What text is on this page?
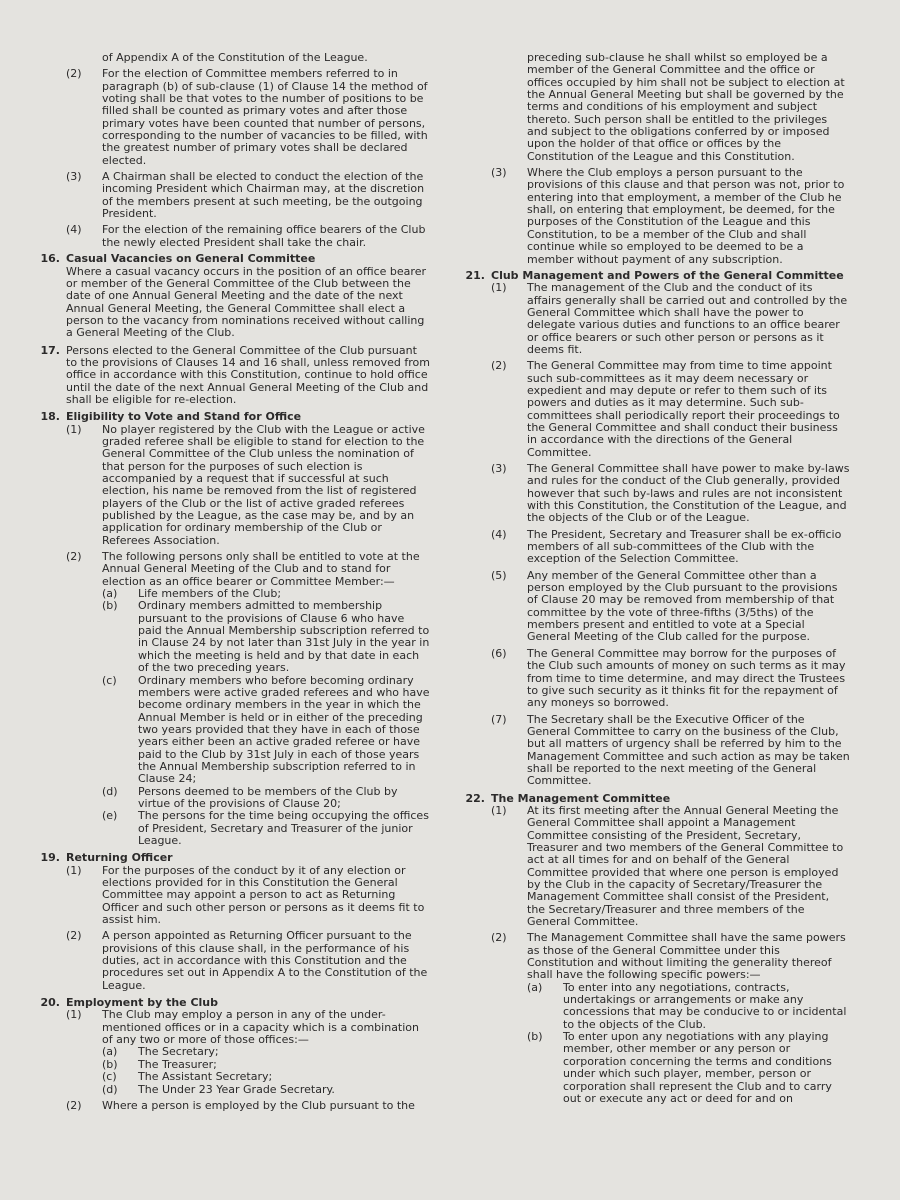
of Appendix A of the Constitution of the League.
(2)	For the election of Committee members referred to in paragraph (b) of sub-clause (1) of Clause 14 the method of voting shall be that votes to the number of positions to be filled shall be counted as primary votes and after those primary votes have been counted that number of persons, corresponding to the number of vacancies to be filled, with the greatest number of primary votes shall be declared elected.
(3)	A Chairman shall be elected to conduct the election of the incoming President which Chairman may, at the discretion of the members present at such meeting, be the outgoing President.
(4)	For the election of the remaining office bearers of the Club the newly elected President shall take the chair.
16. Casual Vacancies on General Committee
Where a casual vacancy occurs in the position of an office bearer or member of the General Committee of the Club between the date of one Annual General Meeting and the date of the next Annual General Meeting, the General Committee shall elect a person to the vacancy from nominations received without calling a General Meeting of the Club.
17. Persons elected to the General Committee of the Club pursuant to the provisions of Clauses 14 and 16 shall, unless removed from office in accordance with this Constitution, continue to hold office until the date of the next Annual General Meeting of the Club and shall be eligible for re-election.
18. Eligibility to Vote and Stand for Office
(1)	No player registered by the Club with the League or active graded referee shall be eligible to stand for election to the General Committee of the Club unless the nomination of that person for the purposes of such election is accompanied by a request that if successful at such election, his name be removed from the list of registered players of the Club or the list of active graded referees published by the League, as the case may be, and by an application for ordinary membership of the Club or Referees Association.
(2)	The following persons only shall be entitled to vote at the Annual General Meeting of the Club and to stand for election as an office bearer or Committee Member:—
(a)	Life members of the Club;
(b)	Ordinary members admitted to membership pursuant to the provisions of Clause 6 who have paid the Annual Membership subscription referred to in Clause 24 by not later than 31st July in the year in which the meeting is held and by that date in each of the two preceding years.
(c)	Ordinary members who before becoming ordinary members were active graded referees and who have become ordinary members in the year in which the Annual Member is held or in either of the preceding two years provided that they have in each of those years either been an active graded referee or have paid to the Club by 31st July in each of those years the Annual Membership subscription referred to in Clause 24;
(d)	Persons deemed to be members of the Club by virtue of the provisions of Clause 20;
(e)	The persons for the time being occupying the offices of President, Secretary and Treasurer of the junior League.
19. Returning Officer
(1)	For the purposes of the conduct by it of any election or elections provided for in this Constitution the General Committee may appoint a person to act as Returning Officer and such other person or persons as it deems fit to assist him.
(2)	A person appointed as Returning Officer pursuant to the provisions of this clause shall, in the performance of his duties, act in accordance with this Constitution and the procedures set out in Appendix A to the Constitution of the League.
20. Employment by the Club
(1)	The Club may employ a person in any of the under-mentioned offices or in a capacity which is a combination of any two or more of those offices:—
(a)	The Secretary;
(b)	The Treasurer;
(c)	The Assistant Secretary;
(d)	The Under 23 Year Grade Secretary.
(2)	Where a person is employed by the Club pursuant to the
preceding sub-clause he shall whilst so employed be a member of the General Committee and the office or offices occupied by him shall not be subject to election at the Annual General Meeting but shall be governed by the terms and conditions of his employment and subject thereto. Such person shall be entitled to the privileges and subject to the obligations conferred by or imposed upon the holder of that office or offices by the Constitution of the League and this Constitution.
(3)	Where the Club employs a person pursuant to the provisions of this clause and that person was not, prior to entering into that employment, a member of the Club he shall, on entering that employment, be deemed, for the purposes of the Constitution of the League and this Constitution, to be a member of the Club and shall continue while so employed to be deemed to be a member without payment of any subscription.
21. Club Management and Powers of the General Committee
(1)	The management of the Club and the conduct of its affairs generally shall be carried out and controlled by the General Committee which shall have the power to delegate various duties and functions to an office bearer or office bearers or such other person or persons as it deems fit.
(2)	The General Committee may from time to time appoint such sub-committees as it may deem necessary or expedient and may depute or refer to them such of its powers and duties as it may determine. Such sub-committees shall periodically report their proceedings to the General Committee and shall conduct their business in accordance with the directions of the General Committee.
(3)	The General Committee shall have power to make by-laws and rules for the conduct of the Club generally, provided however that such by-laws and rules are not inconsistent with this Constitution, the Constitution of the League, and the objects of the Club or of the League.
(4)	The President, Secretary and Treasurer shall be ex-officio members of all sub-committees of the Club with the exception of the Selection Committee.
(5)	Any member of the General Committee other than a person employed by the Club pursuant to the provisions of Clause 20 may be removed from membership of that committee by the vote of three-fifths (3/5ths) of the members present and entitled to vote at a Special General Meeting of the Club called for the purpose.
(6)	The General Committee may borrow for the purposes of the Club such amounts of money on such terms as it may from time to time determine, and may direct the Trustees to give such security as it thinks fit for the repayment of any moneys so borrowed.
(7)	The Secretary shall be the Executive Officer of the General Committee to carry on the business of the Club, but all matters of urgency shall be referred by him to the Management Committee and such action as may be taken shall be reported to the next meeting of the General Committee.
22. The Management Committee
(1)	At its first meeting after the Annual General Meeting the General Committee shall appoint a Management Committee consisting of the President, Secretary, Treasurer and two members of the General Committee to act at all times for and on behalf of the General Committee provided that where one person is employed by the Club in the capacity of Secretary/Treasurer the Management Committee shall consist of the President, the Secretary/Treasurer and three members of the General Committee.
(2)	The Management Committee shall have the same powers as those of the General Committee under this Constitution and without limiting the generality thereof shall have the following specific powers:—
(a)	To enter into any negotiations, contracts, undertakings or arrangements or make any concessions that may be conducive to or incidental to the objects of the Club.
(b)	To enter upon any negotiations with any playing member, other member or any person or corporation concerning the terms and conditions under which such player, member, person or corporation shall represent the Club and to carry out or execute any act or deed for and on
